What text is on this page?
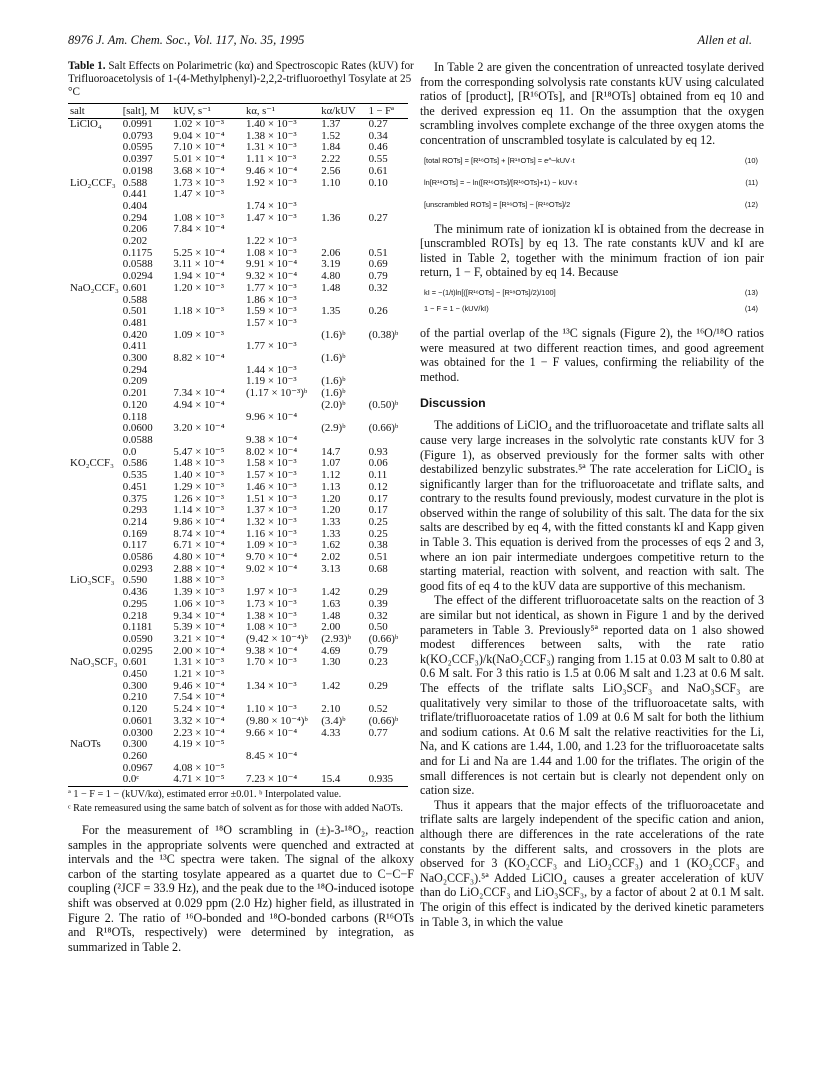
8976 J. Am. Chem. Soc., Vol. 117, No. 35, 1995	Allen et al.
Table 1. Salt Effects on Polarimetric (kα) and Spectroscopic Rates (kUV) for Trifluoroacetolysis of 1-(4-Methylphenyl)-2,2,2-trifluoroethyl Tosylate at 25 °C
salt	[salt], M	kUV, s⁻¹	kα, s⁻¹	kα/kUV	1 − Fª
LiClO₄	0.0991	1.02 × 10⁻³	1.40 × 10⁻³	1.37	0.27
	0.0793	9.04 × 10⁻⁴	1.38 × 10⁻³	1.52	0.34
	0.0595	7.10 × 10⁻⁴	1.31 × 10⁻³	1.84	0.46
	0.0397	5.01 × 10⁻⁴	1.11 × 10⁻³	2.22	0.55
	0.0198	3.68 × 10⁻⁴	9.46 × 10⁻⁴	2.56	0.61
LiO₂CCF₃	0.588	1.73 × 10⁻³	1.92 × 10⁻³	1.10	0.10
	0.441	1.47 × 10⁻³			
	0.404		1.74 × 10⁻³		
	0.294	1.08 × 10⁻³	1.47 × 10⁻³	1.36	0.27
	0.206	7.84 × 10⁻⁴			
	0.202		1.22 × 10⁻³		
	0.1175	5.25 × 10⁻⁴	1.08 × 10⁻³	2.06	0.51
	0.0588	3.11 × 10⁻⁴	9.91 × 10⁻⁴	3.19	0.69
	0.0294	1.94 × 10⁻⁴	9.32 × 10⁻⁴	4.80	0.79
NaO₂CCF₃	0.601	1.20 × 10⁻³	1.77 × 10⁻³	1.48	0.32
	0.588		1.86 × 10⁻³		
	0.501	1.18 × 10⁻³	1.59 × 10⁻³	1.35	0.26
	0.481		1.57 × 10⁻³		
	0.420	1.09 × 10⁻³		(1.6)ᵇ	(0.38)ᵇ
	0.411		1.77 × 10⁻³		
	0.300	8.82 × 10⁻⁴		(1.6)ᵇ	
	0.294		1.44 × 10⁻³		
	0.209		1.19 × 10⁻³	(1.6)ᵇ	
	0.201	7.34 × 10⁻⁴	(1.17 × 10⁻³)ᵇ	(1.6)ᵇ	
	0.120	4.94 × 10⁻⁴		(2.0)ᵇ	(0.50)ᵇ
	0.118		9.96 × 10⁻⁴		
	0.0600	3.20 × 10⁻⁴		(2.9)ᵇ	(0.66)ᵇ
	0.0588		9.38 × 10⁻⁴		
	0.0	5.47 × 10⁻⁵	8.02 × 10⁻⁴	14.7	0.93
KO₂CCF₃	0.586	1.48 × 10⁻³	1.58 × 10⁻³	1.07	0.06
	0.535	1.40 × 10⁻³	1.57 × 10⁻³	1.12	0.11
	0.451	1.29 × 10⁻³	1.46 × 10⁻³	1.13	0.12
	0.375	1.26 × 10⁻³	1.51 × 10⁻³	1.20	0.17
	0.293	1.14 × 10⁻³	1.37 × 10⁻³	1.20	0.17
	0.214	9.86 × 10⁻⁴	1.32 × 10⁻³	1.33	0.25
	0.169	8.74 × 10⁻⁴	1.16 × 10⁻³	1.33	0.25
	0.117	6.71 × 10⁻⁴	1.09 × 10⁻³	1.62	0.38
	0.0586	4.80 × 10⁻⁴	9.70 × 10⁻⁴	2.02	0.51
	0.0293	2.88 × 10⁻⁴	9.02 × 10⁻⁴	3.13	0.68
LiO₃SCF₃	0.590	1.88 × 10⁻³			
	0.436	1.39 × 10⁻³	1.97 × 10⁻³	1.42	0.29
	0.295	1.06 × 10⁻³	1.73 × 10⁻³	1.63	0.39
	0.218	9.34 × 10⁻⁴	1.38 × 10⁻³	1.48	0.32
	0.1181	5.39 × 10⁻⁴	1.08 × 10⁻³	2.00	0.50
	0.0590	3.21 × 10⁻⁴	(9.42 × 10⁻⁴)ᵇ	(2.93)ᵇ	(0.66)ᵇ
	0.0295	2.00 × 10⁻⁴	9.38 × 10⁻⁴	4.69	0.79
NaO₃SCF₃	0.601	1.31 × 10⁻³	1.70 × 10⁻³	1.30	0.23
	0.450	1.21 × 10⁻³			
	0.300	9.46 × 10⁻⁴	1.34 × 10⁻³	1.42	0.29
	0.210	7.54 × 10⁻⁴			
	0.120	5.24 × 10⁻⁴	1.10 × 10⁻³	2.10	0.52
	0.0601	3.32 × 10⁻⁴	(9.80 × 10⁻⁴)ᵇ	(3.4)ᵇ	(0.66)ᵇ
	0.0300	2.23 × 10⁻⁴	9.66 × 10⁻⁴	4.33	0.77
NaOTs	0.300	4.19 × 10⁻⁵			
	0.260		8.45 × 10⁻⁴		
	0.0967	4.08 × 10⁻⁵			
	0.0ᶜ	4.71 × 10⁻⁵	7.23 × 10⁻⁴	15.4	0.935
ª 1 − F = 1 − (kUV/kα), estimated error ±0.01. ᵇ Interpolated value.
ᶜ Rate remeasured using the same batch of solvent as for those with added NaOTs.

For the measurement of ¹⁸O scrambling in (±)-3-¹⁸O₂, reaction samples in the appropriate solvents were quenched and extracted at intervals and the ¹³C spectra were taken. The signal of the alkoxy carbon of the starting tosylate appeared as a quartet due to C−C−F coupling (²JCF = 33.9 Hz), and the peak due to the ¹⁸O-induced isotope shift was observed at 0.029 ppm (2.0 Hz) higher field, as illustrated in Figure 2. The ratio of ¹⁶O-bonded and ¹⁸O-bonded carbons (R¹⁶OTs and R¹⁸OTs, respectively) were determined by integration, as summarized in Table 2.

In Table 2 are given the concentration of unreacted tosylate derived from the corresponding solvolysis rate constants kUV using calculated ratios of [product], [R¹⁶OTs], and [R¹⁸OTs] obtained from eq 10 and the derived expression eq 11. On the assumption that the oxygen scrambling involves complete exchange of the three oxygen atoms the concentration of unscrambled tosylate is calculated by eq 12.

[total ROTs] = [R¹⁶OTs] + [R¹⁸OTs] = e^−kUV·t	(10)
ln[R¹⁸OTs] = − ln([R¹⁶OTs]/[R¹⁸OTs]+1) − kUV·t	(11)
[unscrambled ROTs] = [R¹⁶OTs] − [R¹⁸OTs]/2	(12)

The minimum rate of ionization kI is obtained from the decrease in [unscrambled ROTs] by eq 13. The rate constants kUV and kI are listed in Table 2, together with the minimum fraction of ion pair return, 1 − F, obtained by eq 14. Because

kI = −(1/t)ln[([R¹⁶OTs] − [R¹⁸OTs]/2)/100]	(13)
1 − F = 1 − (kUV/kI)	(14)

of the partial overlap of the ¹³C signals (Figure 2), the ¹⁶O/¹⁸O ratios were measured at two different reaction times, and good agreement was obtained for the 1 − F values, confirming the reliability of the method.

Discussion

The additions of LiClO₄ and the trifluoroacetate and triflate salts all cause very large increases in the solvolytic rate constants kUV for 3 (Figure 1), as observed previously for the former salts with other destabilized benzylic substrates.⁵ª The rate acceleration for LiClO₄ is significantly larger than for the trifluoroacetate and triflate salts, and contrary to the results found previously, modest curvature in the plot is observed within the range of solubility of this salt. The data for the six salts are described by eq 4, with the fitted constants kI and Kapp given in Table 3. This equation is derived from the processes of eqs 2 and 3, where an ion pair intermediate undergoes competitive return to the starting material, reaction with solvent, and reaction with salt. The good fits of eq 4 to the kUV data are supportive of this mechanism.

The effect of the different trifluoroacetate salts on the reaction of 3 are similar but not identical, as shown in Figure 1 and by the derived parameters in Table 3. Previously⁵ª reported data on 1 also showed modest differences between salts, with the rate ratio k(KO₂CCF₃)/k(NaO₂CCF₃) ranging from 1.15 at 0.03 M salt to 0.80 at 0.6 M salt. For 3 this ratio is 1.5 at 0.06 M salt and 1.23 at 0.6 M salt. The effects of the triflate salts LiO₃SCF₃ and NaO₃SCF₃ are qualitatively very similar to those of the trifluoroacetate salts, with triflate/trifluoroacetate ratios of 1.09 at 0.6 M salt for both the lithium and sodium cations. At 0.6 M salt the relative reactivities for the Li, Na, and K cations are 1.44, 1.00, and 1.23 for the trifluoroacetate salts and for Li and Na are 1.44 and 1.00 for the triflates. The origin of the small differences is not certain but is clearly not dependent only on cation size.

Thus it appears that the major effects of the trifluoroacetate and triflate salts are largely independent of the specific cation and anion, although there are differences in the rate accelerations of the rate constants by the different salts, and crossovers in the plots are observed for 3 (KO₂CCF₃ and LiO₂CCF₃) and 1 (KO₂CCF₃ and NaO₂CCF₃).⁵ª Added LiClO₄ causes a greater acceleration of kUV than do LiO₂CCF₃ and LiO₃SCF₃, by a factor of about 2 at 0.1 M salt. The origin of this effect is indicated by the derived kinetic parameters in Table 3, in which the value
